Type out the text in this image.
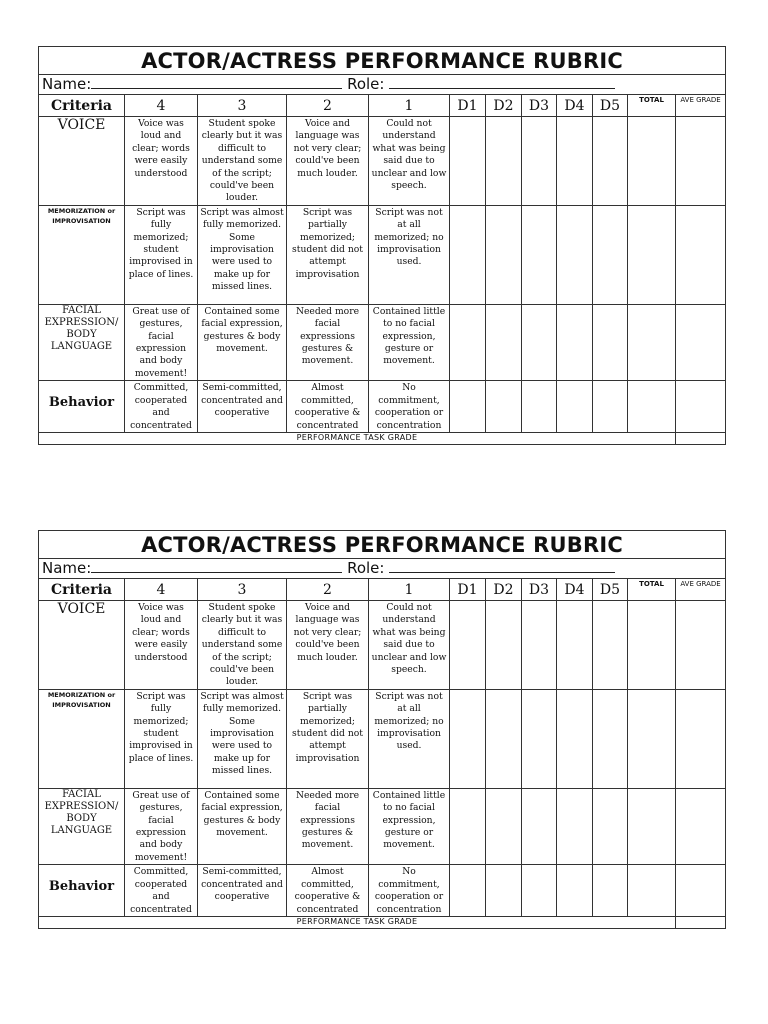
ACTOR/ACTRESS PERFORMANCE RUBRIC											
Name: Role:											
Criteria	4	3	2	1	D1	D2	D3	D4	D5	TOTAL	AVE GRADE
VOICE	Voice was loud and clear; words were easily understood	Student spoke clearly but it was difficult to understand some of the script; could've been louder.	Voice and language was not very clear; could've been much louder.	Could not understand what was being said due to unclear and low speech.							
MEMORIZATION or IMPROVISATION	Script was fully memorized; student improvised in place of lines.	Script was almost fully memorized. Some improvisation were used to make up for missed lines.	Script was partially memorized; student did not attempt improvisation	Script was not at all memorized; no improvisation used.							
FACIAL EXPRESSION/ BODY LANGUAGE	Great use of gestures, facial expression and body movement!	Contained some facial expression, gestures & body movement.	Needed more facial expressions gestures & movement.	Contained little to no facial expression, gesture or movement.							
Behavior	Committed, cooperated and concentrated	Semi-committed, concentrated and cooperative	Almost committed, cooperative & concentrated	No commitment, cooperation or concentration							
PERFORMANCE TASK GRADE											
ACTOR/ACTRESS PERFORMANCE RUBRIC											
Name: Role:											
Criteria	4	3	2	1	D1	D2	D3	D4	D5	TOTAL	AVE GRADE
VOICE	Voice was loud and clear; words were easily understood	Student spoke clearly but it was difficult to understand some of the script; could've been louder.	Voice and language was not very clear; could've been much louder.	Could not understand what was being said due to unclear and low speech.							
MEMORIZATION or IMPROVISATION	Script was fully memorized; student improvised in place of lines.	Script was almost fully memorized. Some improvisation were used to make up for missed lines.	Script was partially memorized; student did not attempt improvisation	Script was not at all memorized; no improvisation used.							
FACIAL EXPRESSION/ BODY LANGUAGE	Great use of gestures, facial expression and body movement!	Contained some facial expression, gestures & body movement.	Needed more facial expressions gestures & movement.	Contained little to no facial expression, gesture or movement.							
Behavior	Committed, cooperated and concentrated	Semi-committed, concentrated and cooperative	Almost committed, cooperative & concentrated	No commitment, cooperation or concentration							
PERFORMANCE TASK GRADE											
